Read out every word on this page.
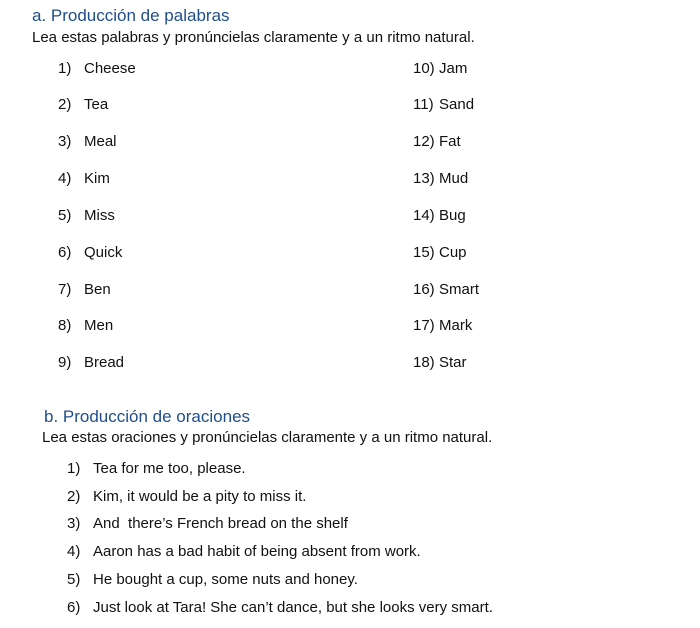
a. Producción de palabras
Lea estas palabras y pronúncielas claramente y a un ritmo natural.
1) Cheese
2) Tea
3) Meal
4) Kim
5) Miss
6) Quick
7) Ben
8) Men
9) Bread
10) Jam
11) Sand
12) Fat
13) Mud
14) Bug
15) Cup
16) Smart
17) Mark
18) Star
b. Producción de oraciones
Lea estas oraciones y pronúncielas claramente y a un ritmo natural.
1) Tea for me too, please.
2) Kim, it would be a pity to miss it.
3) And  there’s French bread on the shelf
4) Aaron has a bad habit of being absent from work.
5) He bought a cup, some nuts and honey.
6) Just look at Tara! She can’t dance, but she looks very smart.
